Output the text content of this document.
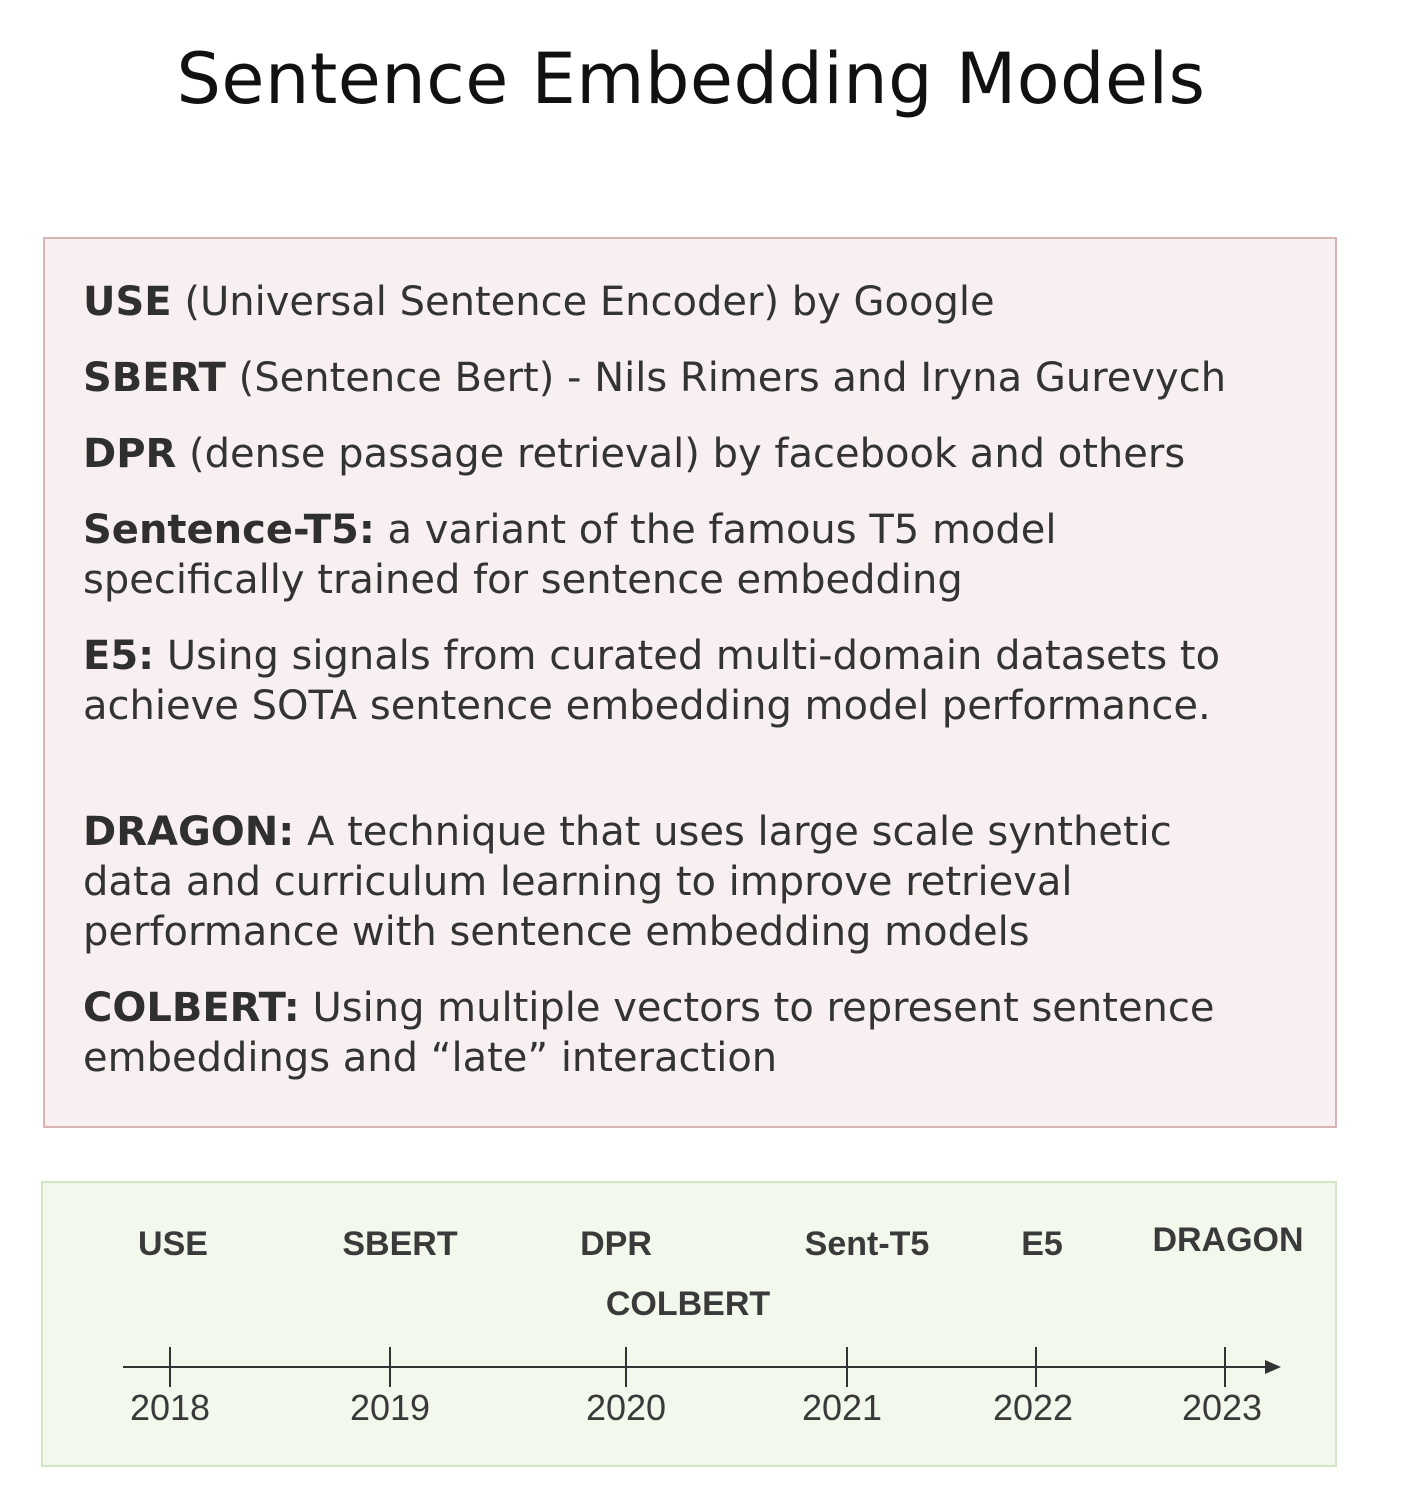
Sentence Embedding Models
USE (Universal Sentence Encoder) by Google
SBERT (Sentence Bert) - Nils Rimers and Iryna Gurevych
DPR (dense passage retrieval) by facebook and others
Sentence-T5: a variant of the famous T5 model specifically trained for sentence embedding
E5: Using signals from curated multi-domain datasets to achieve SOTA sentence embedding model performance.
DRAGON: A technique that uses large scale synthetic data and curriculum learning to improve retrieval performance with sentence embedding models
COLBERT: Using multiple vectors to represent sentence embeddings and “late” interaction
USE	SBERT	DPR
COLBERT
Sent-T5	E5	DRAGON
2018	2019	2020	2021	2022	2023
